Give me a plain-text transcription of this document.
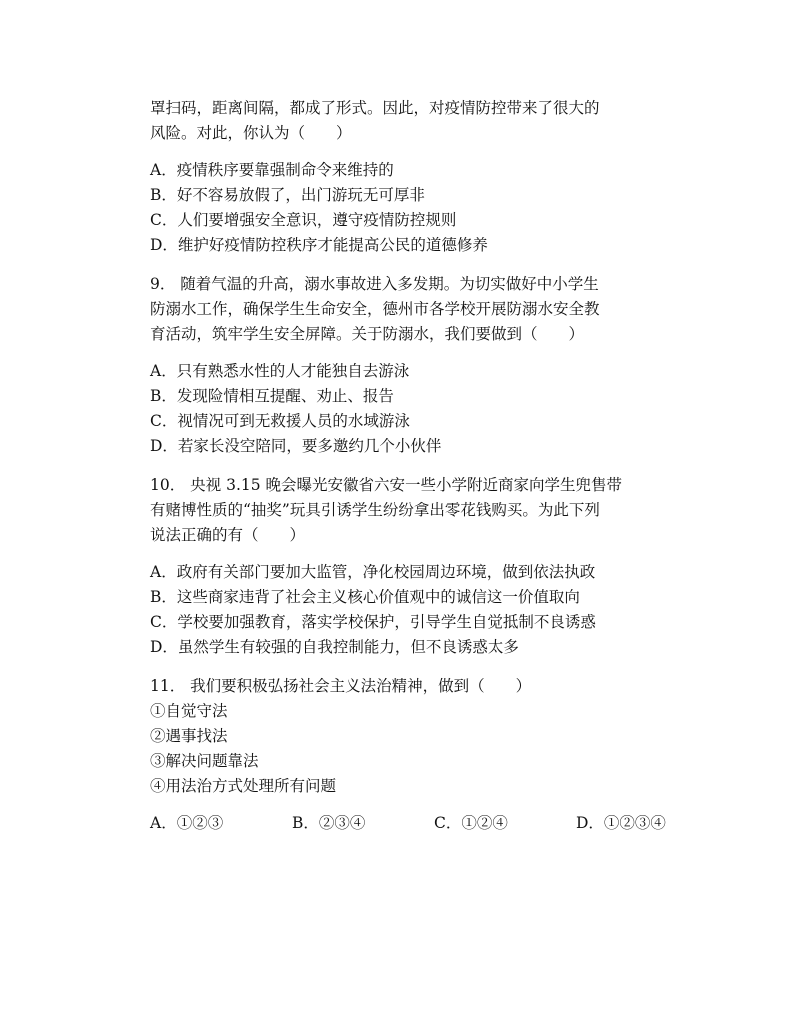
罩扫码，距离间隔，都成了形式。因此，对疫情防控带来了很大的
风险。对此，你认为（　　）
A．疫情秩序要靠强制命令来维持的
B．好不容易放假了，出门游玩无可厚非
C．人们要增强安全意识，遵守疫情防控规则
D．维护好疫情防控秩序才能提高公民的道德修养
9． 随着气温的升高，溺水事故进入多发期。为切实做好中小学生
防溺水工作，确保学生生命安全，德州市各学校开展防溺水安全教
育活动，筑牢学生安全屏障。关于防溺水，我们要做到（　　）
A．只有熟悉水性的人才能独自去游泳
B．发现险情相互提醒、劝止、报告
C．视情况可到无救援人员的水域游泳
D．若家长没空陪同，要多邀约几个小伙伴
10． 央视 3.15 晚会曝光安徽省六安一些小学附近商家向学生兜售带
有赌博性质的“抽奖”玩具引诱学生纷纷拿出零花钱购买。为此下列
说法正确的有（　　）
A．政府有关部门要加大监管，净化校园周边环境，做到依法执政
B．这些商家违背了社会主义核心价值观中的诚信这一价值取向
C．学校要加强教育，落实学校保护，引导学生自觉抵制不良诱惑
D．虽然学生有较强的自我控制能力，但不良诱惑太多
11． 我们要积极弘扬社会主义法治精神，做到（　　）
①自觉守法
②遇事找法
③解决问题靠法
④用法治方式处理所有问题
A．①②③	B．②③④	C．①②④	D．①②③④
